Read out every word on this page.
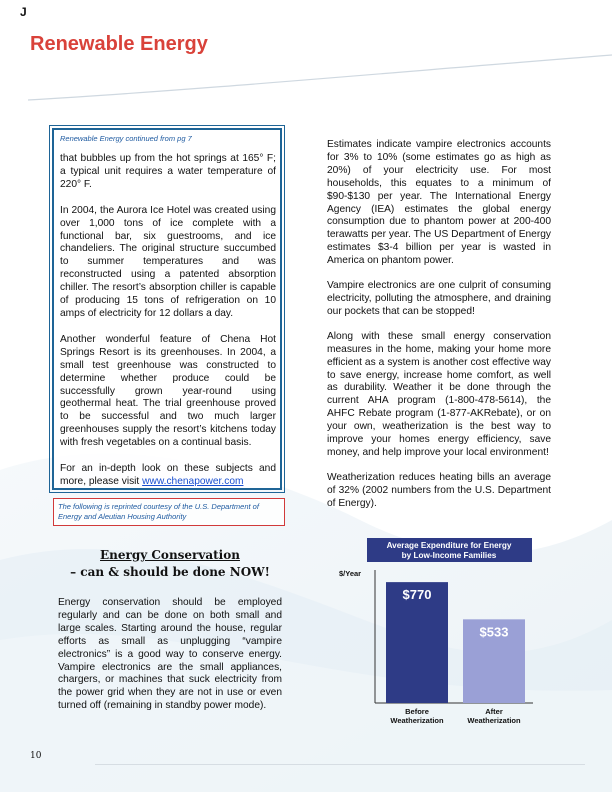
J
Renewable Energy

Renewable Energy continued from pg 7

that bubbles up from the hot springs at 165° F; a typical unit requires a water temperature of 220° F.

In 2004, the Aurora Ice Hotel was created using over 1,000 tons of ice complete with a functional bar, six guestrooms, and ice chandeliers. The original structure succumbed to summer temperatures and was reconstructed using a patented absorption chiller. The resort’s absorption chiller is capable of producing 15 tons of refrigeration on 10 amps of electricity for 12 dollars a day.

Another wonderful feature of Chena Hot Springs Resort is its greenhouses. In 2004, a small test greenhouse was constructed to determine whether produce could be successfully grown year-round using geothermal heat. The trial greenhouse proved to be successful and two much larger greenhouses supply the resort’s kitchens today with fresh vegetables on a continual basis.

For an in-depth look on these subjects and more, please visit www.chenapower.com

The following is reprinted courtesy of the U.S. Department of Energy and Aleutian Housing Authority
Energy Conservation
– can & should be done NOW!

Energy conservation should be employed regularly and can be done on both small and large scales. Starting around the house, regular efforts as small as unplugging “vampire electronics” is a good way to conserve energy. Vampire electronics are the small appliances, chargers, or machines that suck electricity from the power grid when they are not in use or even turned off (remaining in standby power mode).

Estimates indicate vampire electronics accounts for 3% to 10% (some estimates go as high as 20%) of your electricity use. For most households, this equates to a minimum of $90-$130 per year. The International Energy Agency (IEA) estimates the global energy consumption due to phantom power at 200-400 terawatts per year. The US Department of Energy estimates $3-4 billion per year is wasted in America on phantom power.

Vampire electronics are one culprit of consuming electricity, polluting the atmosphere, and draining our pockets that can be stopped!

Along with these small energy conservation measures in the home, making your home more efficient as a system is another cost effective way to save energy, increase home comfort, as well as durability. Weather it be done through the current AHA program (1-800-478-5614), the AHFC Rebate program (1-877-AKRebate), or on your own, weatherization is the best way to improve your homes energy efficiency, save money, and help improve your local environment!

Weatherization reduces heating bills an average of 32% (2002 numbers from the U.S. Department of Energy).

Average Expenditure for Energy
by Low-Income Families
$/Year
$770
Before
Weatherization
$533
After
Weatherization
10
